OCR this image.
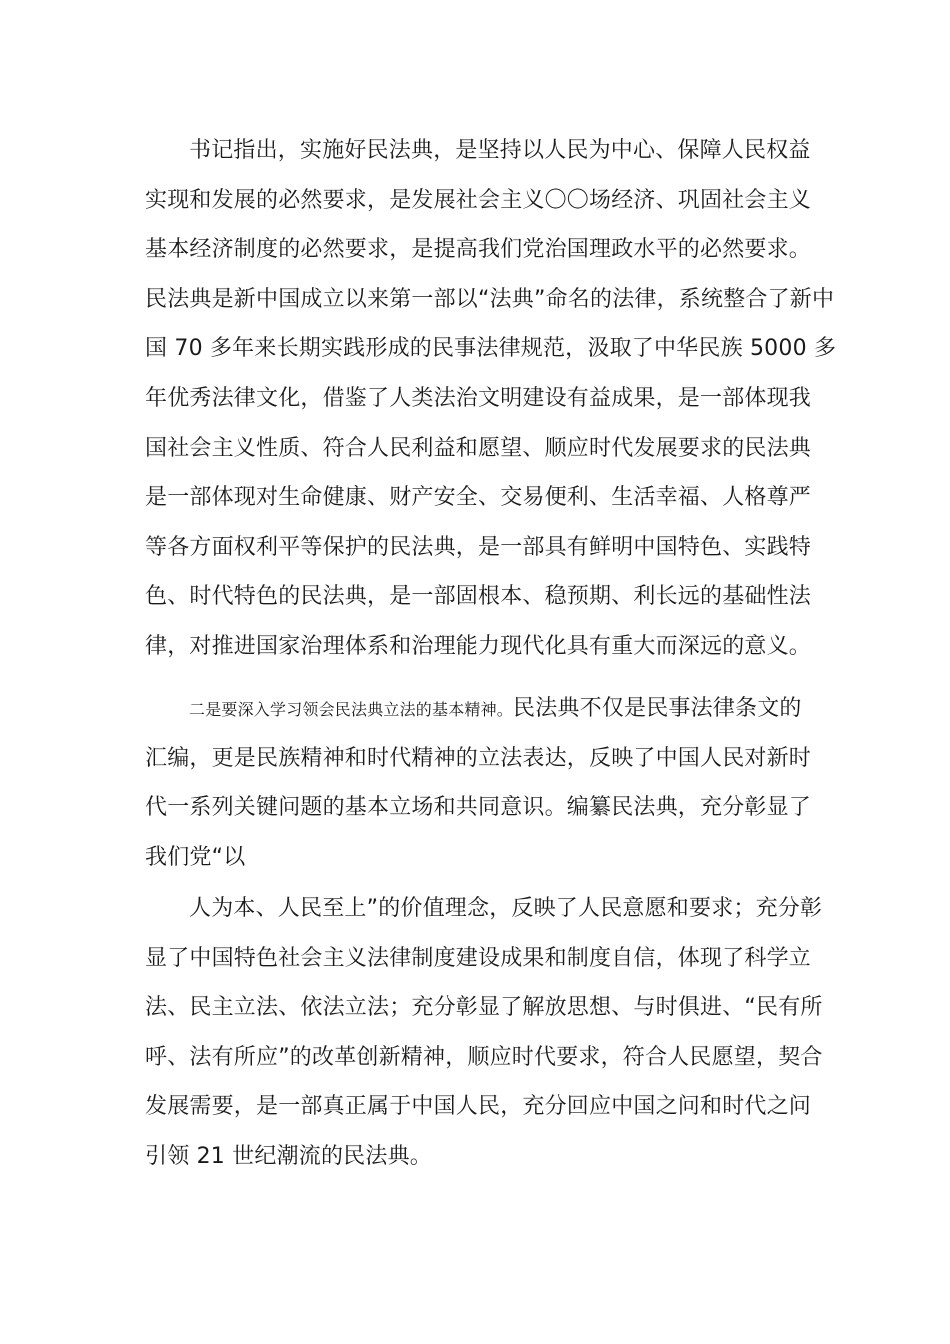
书记指出，实施好民法典，是坚持以人民为中心、保障人民权益
实现和发展的必然要求，是发展社会主义〇〇场经济、巩固社会主义
基本经济制度的必然要求，是提高我们党治国理政水平的必然要求。
民法典是新中国成立以来第一部以“法典”命名的法律，系统整合了新中
国 70 多年来长期实践形成的民事法律规范，汲取了中华民族 5000 多
年优秀法律文化，借鉴了人类法治文明建设有益成果，是一部体现我
国社会主义性质、符合人民利益和愿望、顺应时代发展要求的民法典
是一部体现对生命健康、财产安全、交易便利、生活幸福、人格尊严
等各方面权利平等保护的民法典，是一部具有鲜明中国特色、实践特
色、时代特色的民法典，是一部固根本、稳预期、利长远的基础性法
律，对推进国家治理体系和治理能力现代化具有重大而深远的意义。
二是要深入学习领会民法典立法的基本精神。民法典不仅是民事法律条文的
汇编，更是民族精神和时代精神的立法表达，反映了中国人民对新时
代一系列关键问题的基本立场和共同意识。编纂民法典，充分彰显了
我们党“以
人为本、人民至上”的价值理念，反映了人民意愿和要求；充分彰
显了中国特色社会主义法律制度建设成果和制度自信，体现了科学立
法、民主立法、依法立法；充分彰显了解放思想、与时俱进、“民有所
呼、法有所应”的改革创新精神，顺应时代要求，符合人民愿望，契合
发展需要，是一部真正属于中国人民，充分回应中国之问和时代之问
引领 21 世纪潮流的民法典。
